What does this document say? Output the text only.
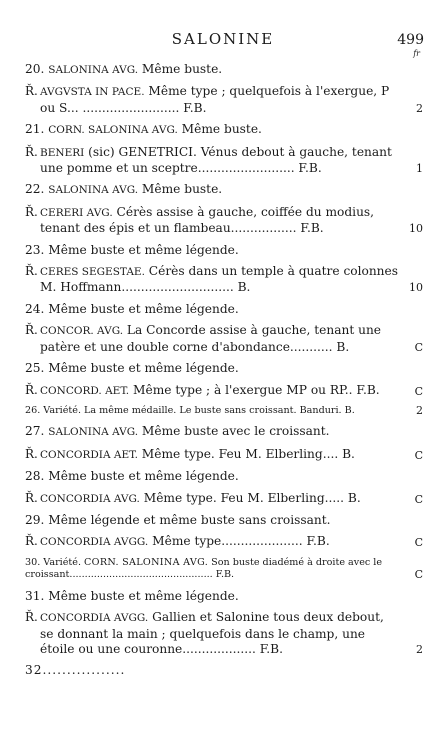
SALONINE	499
fr
20. SALONINA AVG. Même buste.
Ř. AVGVSTA IN PACE. Même type ; quelquefois à l'exergue, P ou S... ......................... F.B.	2
21. CORN. SALONINA AVG. Même buste.
Ř. BENERI (sic) GENETRICI. Vénus debout à gauche, tenant une pomme et un sceptre......................... F.B.	1
22. SALONINA AVG. Même buste.
Ř. CERERI AVG. Cérès assise à gauche, coiffée du modius, tenant des épis et un flambeau................. F.B.	10
23. Même buste et même légende.
Ř. CERES SEGESTAE. Cérès dans un temple à quatre colonnes M. Hoffmann............................. B.	10
24. Même buste et même légende.
Ř. CONCOR. AVG. La Concorde assise à gauche, tenant une patère et une double corne d'abondance........... B.	C
25. Même buste et même légende.
Ř. CONCORD. AET. Même type ; à l'exergue MP ou RP.. F.B.	C
26. Variété. La même médaille. Le buste sans croissant. Banduri. B.	2
27. SALONINA AVG. Même buste avec le croissant.
Ř. CONCORDIA AET. Même type. Feu M. Elberling.... B.	C
28. Même buste et même légende.
Ř. CONCORDIA AVG. Même type. Feu M. Elberling..... B.	C
29. Même légende et même buste sans croissant.
Ř. CONCORDIA AVGG. Même type..................... F.B.	C
30. Variété. CORN. SALONINA AVG. Son buste diadémé à droite avec le croissant............................................... F.B.	C
31. Même buste et même légende.
Ř. CONCORDIA AVGG. Gallien et Salonine tous deux debout, se donnant la main ; quelquefois dans le champ, une étoile ou une couronne................... F.B.	2
32.................
